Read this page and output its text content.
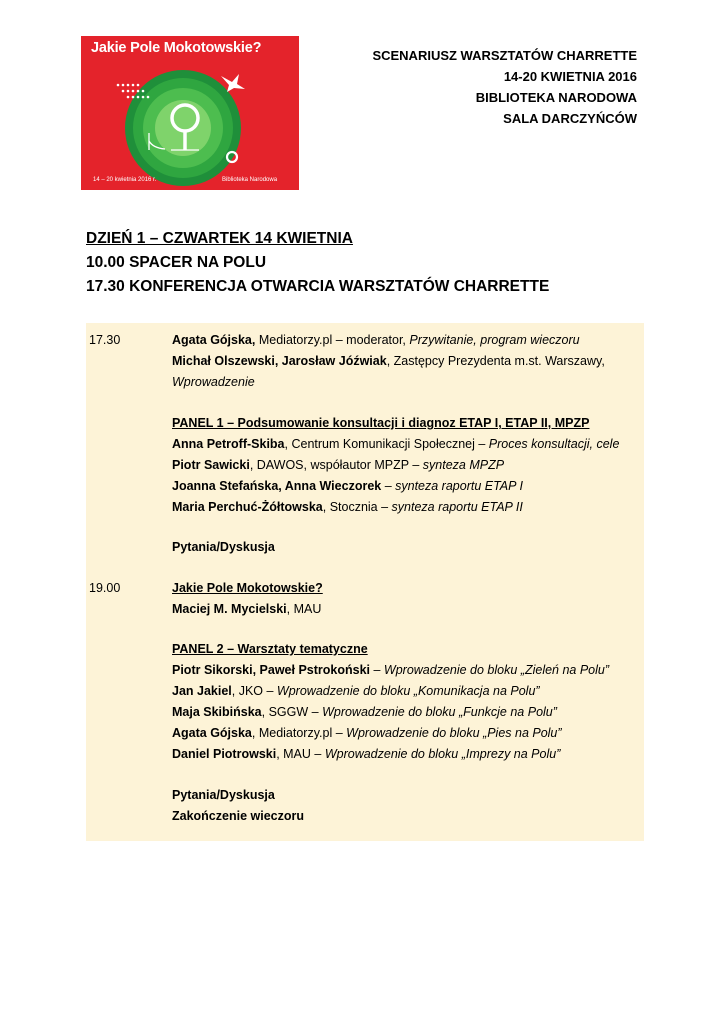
Jakie Pole Mokotowskie?
14 – 20 kwietnia 2016 r.	Biblioteka Narodowa
SCENARIUSZ WARSZTATÓW CHARRETTE
14-20 KWIETNIA 2016
BIBLIOTEKA NARODOWA
SALA DARCZYŃCÓW
DZIEŃ 1 – CZWARTEK 14 KWIETNIA
10.00 SPACER NA POLU
17.30 KONFERENCJA OTWARCIA WARSZTATÓW CHARRETTE
17.30	Agata Gójska, Mediatorzy.pl – moderator, Przywitanie, program wieczoru
Michał Olszewski, Jarosław Jóźwiak, Zastępcy Prezydenta m.st. Warszawy,
Wprowadzenie
PANEL 1 – Podsumowanie konsultacji i diagnoz ETAP I, ETAP II, MPZP
Anna Petroff-Skiba, Centrum Komunikacji Społecznej – Proces konsultacji, cele
Piotr Sawicki, DAWOS, współautor MPZP – synteza MPZP
Joanna Stefańska, Anna Wieczorek – synteza raportu ETAP I
Maria Perchuć-Żółtowska, Stocznia – synteza raportu ETAP II
Pytania/Dyskusja
19.00	Jakie Pole Mokotowskie?
Maciej M. Mycielski, MAU
PANEL 2 – Warsztaty tematyczne
Piotr Sikorski, Paweł Pstrokoński – Wprowadzenie do bloku „Zieleń na Polu”
Jan Jakiel, JKO – Wprowadzenie do bloku „Komunikacja na Polu”
Maja Skibińska, SGGW – Wprowadzenie do bloku „Funkcje na Polu”
Agata Gójska, Mediatorzy.pl – Wprowadzenie do bloku „Pies na Polu”
Daniel Piotrowski, MAU – Wprowadzenie do bloku „Imprezy na Polu”
Pytania/Dyskusja
Zakończenie wieczoru
